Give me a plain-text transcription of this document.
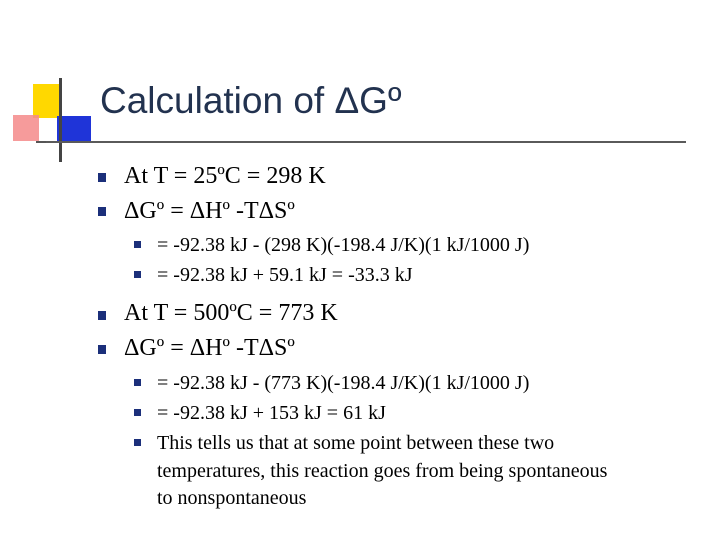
Calculation of ΔGº
At T = 25ºC = 298 K
ΔGº = ΔHº -TΔSº
= -92.38 kJ - (298 K)(-198.4 J/K)(1 kJ/1000 J)
= -92.38 kJ + 59.1 kJ = -33.3 kJ
At T = 500ºC = 773 K
ΔGº = ΔHº -TΔSº
= -92.38 kJ - (773 K)(-198.4 J/K)(1 kJ/1000 J)
= -92.38 kJ + 153 kJ = 61 kJ
This tells us that at some point between these two
temperatures, this reaction goes from being spontaneous
to nonspontaneous
